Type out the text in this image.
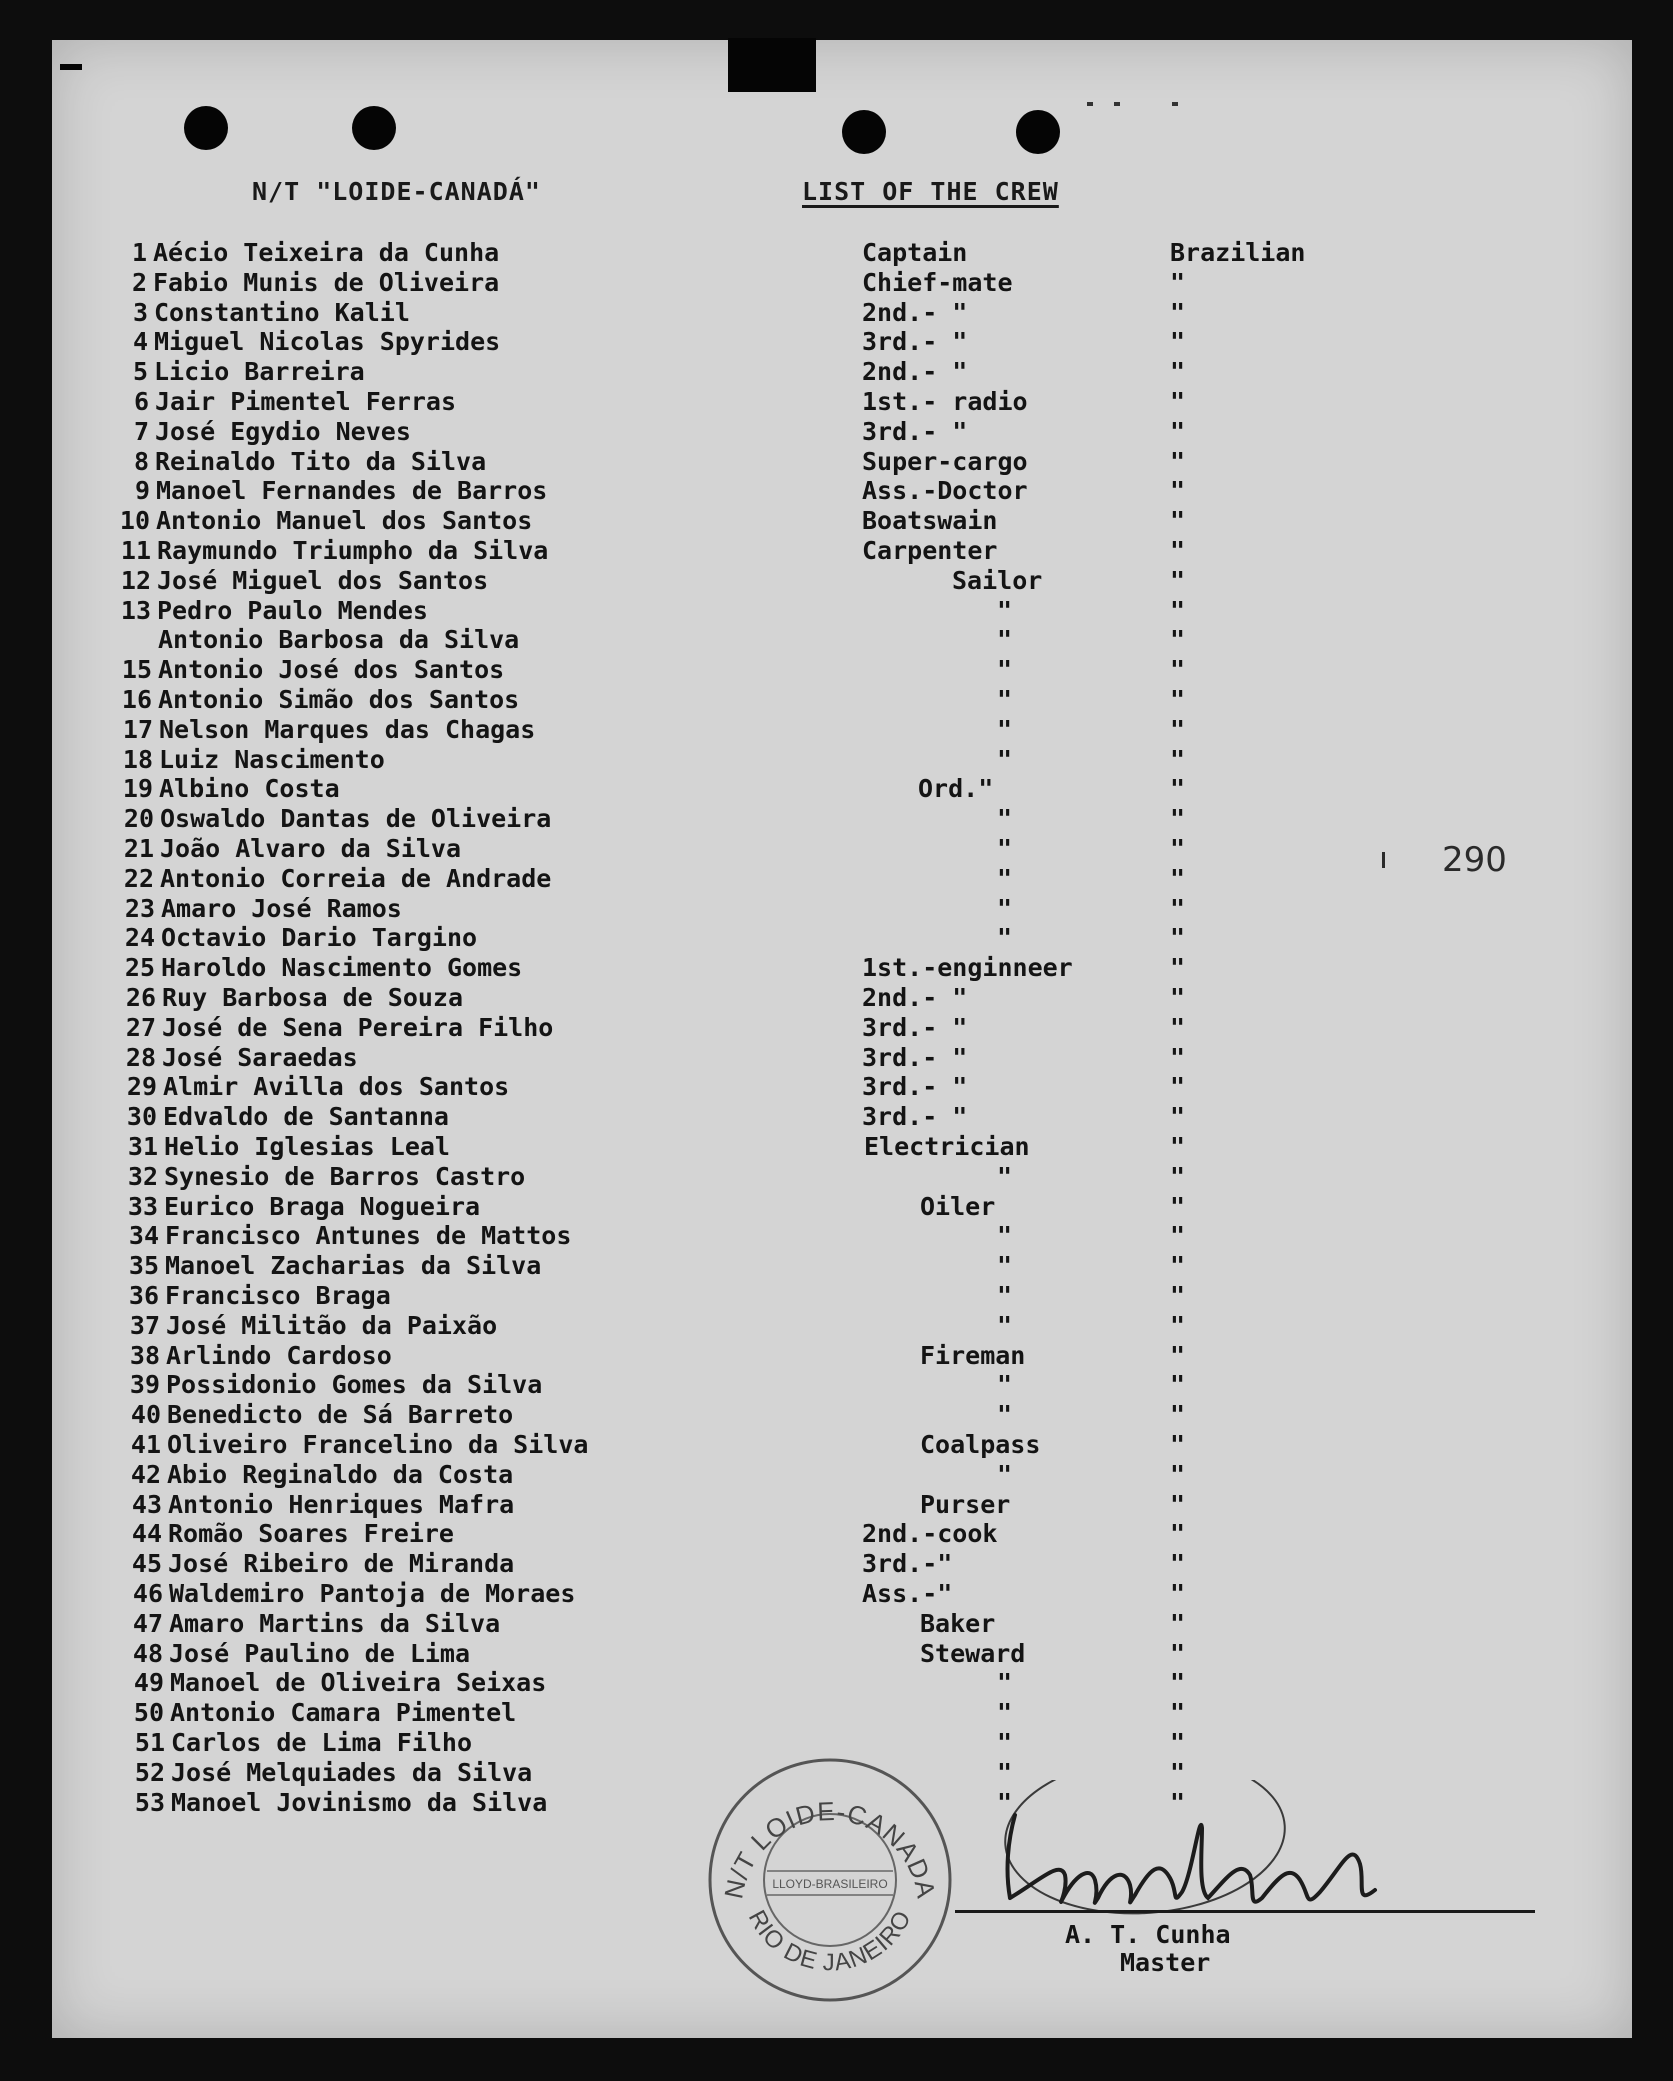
N/T "LOIDE-CANADÁ"	LIST OF THE CREW
1 Aécio Teixeira da Cunha	Captain	Brazilian
2 Fabio Munis de Oliveira	Chief-mate	"
3 Constantino Kalil	2nd.- "	"
4 Miguel Nicolas Spyrides	3rd.- "	"
5 Licio Barreira	2nd.- "	"
6 Jair Pimentel Ferras	1st.- radio	"
7 José Egydio Neves	3rd.- "	"
8 Reinaldo Tito da Silva	Super-cargo	"
9 Manoel Fernandes de Barros	Ass.-Doctor	"
10 Antonio Manuel dos Santos	Boatswain	"
11 Raymundo Triumpho da Silva	Carpenter	"
12 José Miguel dos Santos	Sailor	"
13 Pedro Paulo Mendes	"	"
Antonio Barbosa da Silva	"	"
15 Antonio José dos Santos	"	"
16 Antonio Simão dos Santos	"	"
17 Nelson Marques das Chagas	"	"
18 Luiz Nascimento	"	"
19 Albino Costa	Ord."	"
20 Oswaldo Dantas de Oliveira	"	"
21 João Alvaro da Silva	"	"
22 Antonio Correia de Andrade	"	"
23 Amaro José Ramos	"	"
24 Octavio Dario Targino	"	"
25 Haroldo Nascimento Gomes	1st.-enginneer	"
26 Ruy Barbosa de Souza	2nd.- "	"
27 José de Sena Pereira Filho	3rd.- "	"
28 José Saraedas	3rd.- "	"
29 Almir Avilla dos Santos	3rd.- "	"
30 Edvaldo de Santanna	3rd.- "	"
31 Helio Iglesias Leal	Electrician	"
32 Synesio de Barros Castro	"	"
33 Eurico Braga Nogueira	Oiler	"
34 Francisco Antunes de Mattos	"	"
35 Manoel Zacharias da Silva	"	"
36 Francisco Braga	"	"
37 José Militão da Paixão	"	"
38 Arlindo Cardoso	Fireman	"
39 Possidonio Gomes da Silva	"	"
40 Benedicto de Sá Barreto	"	"
41 Oliveiro Francelino da Silva	Coalpass	"
42 Abio Reginaldo da Costa	"	"
43 Antonio Henriques Mafra	Purser	"
44 Romão Soares Freire	2nd.-cook	"
45 José Ribeiro de Miranda	3rd.-"	"
46 Waldemiro Pantoja de Moraes	Ass.-"	"
47 Amaro Martins da Silva	Baker	"
48 José Paulino de Lima	Steward	"
49 Manoel de Oliveira Seixas	"	"
50 Antonio Camara Pimentel	"	"
51 Carlos de Lima Filho	"	"
52 José Melquiades da Silva	"	"
53 Manoel Jovinismo da Silva	"	"
290
N/T LOIDE-CANADA
LLOYD-BRASILEIRO
RIO DE JANEIRO	A. T. Cunha
Master
